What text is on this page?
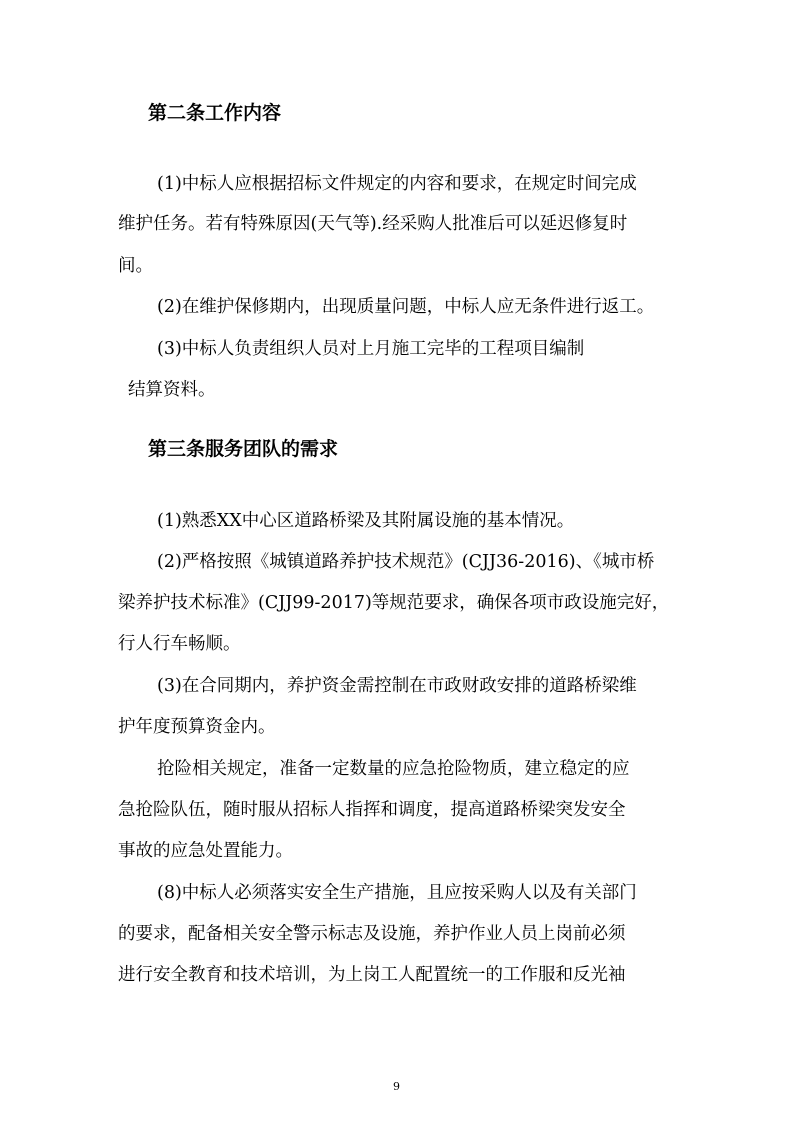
第二条工作内容

(1)中标人应根据招标文件规定的内容和要求，在规定时间完成

维护任务。若有特殊原因(天气等).经采购人批准后可以延迟修复时

间。

(2)在维护保修期内，出现质量问题，中标人应无条件进行返工。

(3)中标人负责组织人员对上月施工完毕的工程项目编制

结算资料。

第三条服务团队的需求

(1)熟悉XX中心区道路桥梁及其附属设施的基本情况。

(2)严格按照《城镇道路养护技术规范》(CJJ36-2016)、《城市桥

梁养护技术标准》(CJJ99-2017)等规范要求，确保各项市政设施完好，

行人行车畅顺。

(3)在合同期内，养护资金需控制在市政财政安排的道路桥梁维

护年度预算资金内。

抢险相关规定，准备一定数量的应急抢险物质，建立稳定的应

急抢险队伍，随时服从招标人指挥和调度，提高道路桥梁突发安全

事故的应急处置能力。

(8)中标人必须落实安全生产措施，且应按采购人以及有关部门

的要求，配备相关安全警示标志及设施，养护作业人员上岗前必须

进行安全教育和技术培训，为上岗工人配置统一的工作服和反光袖

9
